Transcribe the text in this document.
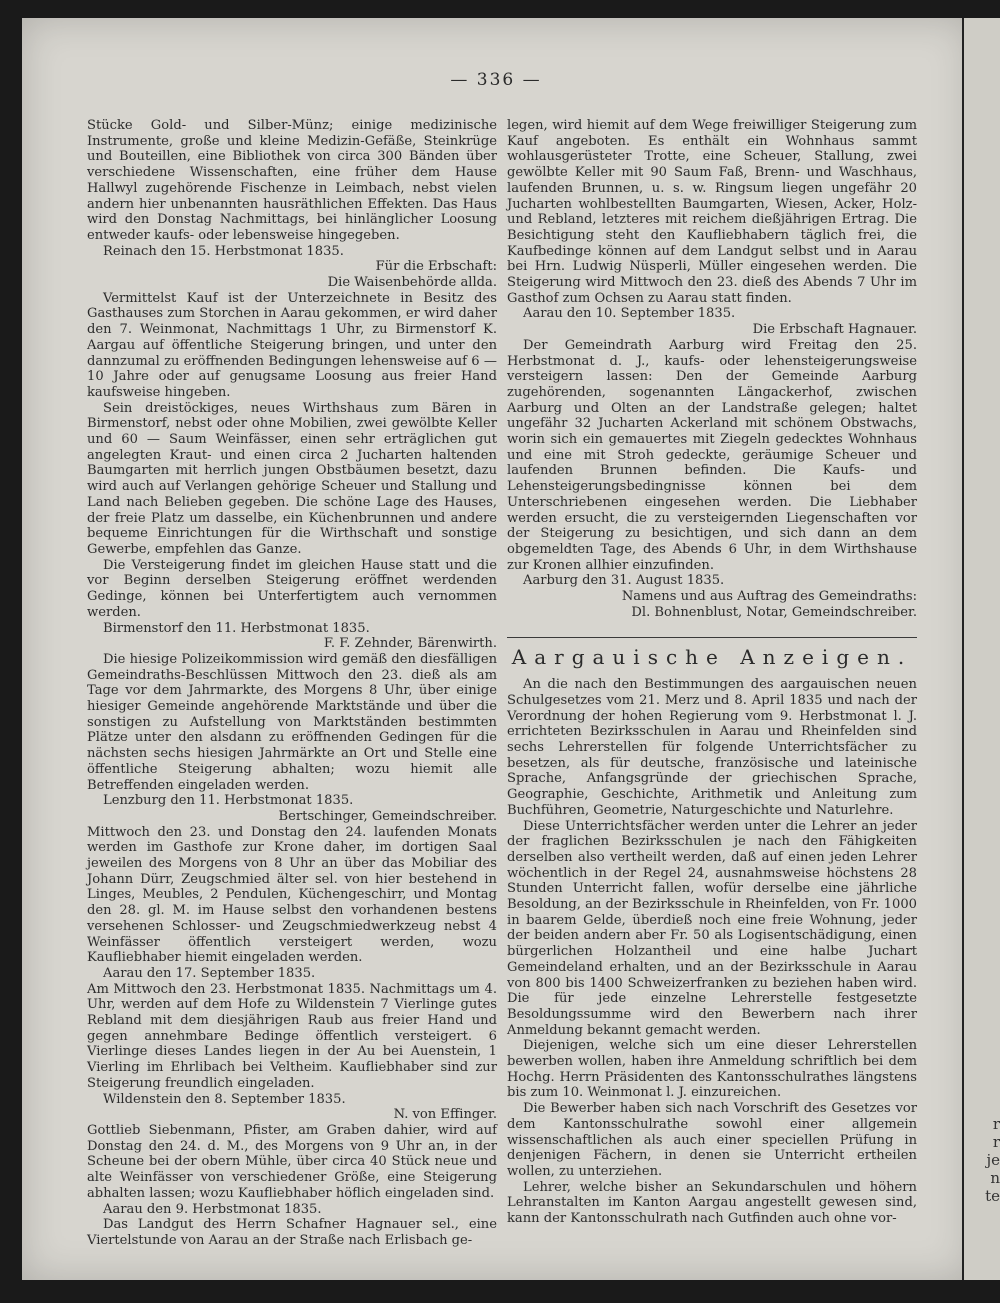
— 336 —

Stücke Gold- und Silber-Münz; einige medizinische Instrumente, große und kleine Medizin-Gefäße, Steinkrüge und Bouteillen, eine Bibliothek von circa 300 Bänden über verschiedene Wissenschaften, eine früher dem Hause Hallwyl zugehörende Fischenze in Leimbach, nebst vielen andern hier unbenannten hausräthlichen Effekten. Das Haus wird den Donstag Nachmittags, bei hinlänglicher Loosung entweder kaufs- oder lebensweise hingegeben.

Reinach den 15. Herbstmonat 1835.

Für die Erbschaft:

Die Waisenbehörde allda.

Vermittelst Kauf ist der Unterzeichnete in Besitz des Gasthauses zum Storchen in Aarau gekommen, er wird daher den 7. Weinmonat, Nachmittags 1 Uhr, zu Birmenstorf K. Aargau auf öffentliche Steigerung bringen, und unter den dannzumal zu eröffnenden Bedingungen lehensweise auf 6 — 10 Jahre oder auf genugsame Loosung aus freier Hand kaufsweise hingeben.

Sein dreistöckiges, neues Wirthshaus zum Bären in Birmenstorf, nebst oder ohne Mobilien, zwei gewölbte Keller und 60 — Saum Weinfässer, einen sehr erträglichen gut angelegten Kraut- und einen circa 2 Jucharten haltenden Baumgarten mit herrlich jungen Obstbäumen besetzt, dazu wird auch auf Verlangen gehörige Scheuer und Stallung und Land nach Belieben gegeben. Die schöne Lage des Hauses, der freie Platz um dasselbe, ein Küchenbrunnen und andere bequeme Einrichtungen für die Wirthschaft und sonstige Gewerbe, empfehlen das Ganze.

Die Versteigerung findet im gleichen Hause statt und die vor Beginn derselben Steigerung eröffnet werdenden Gedinge, können bei Unterfertigtem auch vernommen werden.

Birmenstorf den 11. Herbstmonat 1835.

F. F. Zehnder, Bärenwirth.

Die hiesige Polizeikommission wird gemäß den diesfälligen Gemeindraths-Beschlüssen Mittwoch den 23. dieß als am Tage vor dem Jahrmarkte, des Morgens 8 Uhr, über einige hiesiger Gemeinde angehörende Marktstände und über die sonstigen zu Aufstellung von Marktständen bestimmten Plätze unter den alsdann zu eröffnenden Gedingen für die nächsten sechs hiesigen Jahrmärkte an Ort und Stelle eine öffentliche Steigerung abhalten; wozu hiemit alle Betreffenden eingeladen werden.

Lenzburg den 11. Herbstmonat 1835.

Bertschinger, Gemeindschreiber.

Mittwoch den 23. und Donstag den 24. laufenden Monats werden im Gasthofe zur Krone daher, im dortigen Saal jeweilen des Morgens von 8 Uhr an über das Mobiliar des Johann Dürr, Zeugschmied älter sel. von hier bestehend in Linges, Meubles, 2 Pendulen, Küchengeschirr, und Montag den 28. gl. M. im Hause selbst den vorhandenen bestens versehenen Schlosser- und Zeugschmiedwerkzeug nebst 4 Weinfässer öffentlich versteigert werden, wozu Kaufliebhaber hiemit eingeladen werden.

Aarau den 17. September 1835.

Am Mittwoch den 23. Herbstmonat 1835. Nachmittags um 4. Uhr, werden auf dem Hofe zu Wildenstein 7 Vierlinge gutes Rebland mit dem diesjährigen Raub aus freier Hand und gegen annehmbare Bedinge öffentlich versteigert. 6 Vierlinge dieses Landes liegen in der Au bei Auenstein, 1 Vierling im Ehrlibach bei Veltheim. Kaufliebhaber sind zur Steigerung freundlich eingeladen.

Wildenstein den 8. September 1835.

N. von Effinger.

Gottlieb Siebenmann, Pfister, am Graben dahier, wird auf Donstag den 24. d. M., des Morgens von 9 Uhr an, in der Scheune bei der obern Mühle, über circa 40 Stück neue und alte Weinfässer von verschiedener Größe, eine Steigerung abhalten lassen; wozu Kaufliebhaber höflich eingeladen sind.

Aarau den 9. Herbstmonat 1835.

Das Landgut des Herrn Schafner Hagnauer sel., eine Viertelstunde von Aarau an der Straße nach Erlisbach ge-

legen, wird hiemit auf dem Wege freiwilliger Steigerung zum Kauf angeboten. Es enthält ein Wohnhaus sammt wohlausgerüsteter Trotte, eine Scheuer, Stallung, zwei gewölbte Keller mit 90 Saum Faß, Brenn- und Waschhaus, laufenden Brunnen, u. s. w. Ringsum liegen ungefähr 20 Jucharten wohlbestellten Baumgarten, Wiesen, Acker, Holz- und Rebland, letzteres mit reichem dießjährigen Ertrag. Die Besichtigung steht den Kaufliebhabern täglich frei, die Kaufbedinge können auf dem Landgut selbst und in Aarau bei Hrn. Ludwig Nüsperli, Müller eingesehen werden. Die Steigerung wird Mittwoch den 23. dieß des Abends 7 Uhr im Gasthof zum Ochsen zu Aarau statt finden.

Aarau den 10. September 1835.

Die Erbschaft Hagnauer.

Der Gemeindrath Aarburg wird Freitag den 25. Herbstmonat d. J., kaufs- oder lehensteigerungsweise versteigern lassen: Den der Gemeinde Aarburg zugehörenden, sogenannten Längackerhof, zwischen Aarburg und Olten an der Landstraße gelegen; haltet ungefähr 32 Jucharten Ackerland mit schönem Obstwachs, worin sich ein gemauertes mit Ziegeln gedecktes Wohnhaus und eine mit Stroh gedeckte, geräumige Scheuer und laufenden Brunnen befinden. Die Kaufs- und Lehensteigerungsbedingnisse können bei dem Unterschriebenen eingesehen werden. Die Liebhaber werden ersucht, die zu versteigernden Liegenschaften vor der Steigerung zu besichtigen, und sich dann an dem obgemeldten Tage, des Abends 6 Uhr, in dem Wirthshause zur Kronen allhier einzufinden.

Aarburg den 31. August 1835.

Namens und aus Auftrag des Gemeindraths:

Dl. Bohnenblust, Notar, Gemeindschreiber.

Aargauische Anzeigen.

An die nach den Bestimmungen des aargauischen neuen Schulgesetzes vom 21. Merz und 8. April 1835 und nach der Verordnung der hohen Regierung vom 9. Herbstmonat l. J. errichteten Bezirksschulen in Aarau und Rheinfelden sind sechs Lehrerstellen für folgende Unterrichtsfächer zu besetzen, als für deutsche, französische und lateinische Sprache, Anfangsgründe der griechischen Sprache, Geographie, Geschichte, Arithmetik und Anleitung zum Buchführen, Geometrie, Naturgeschichte und Naturlehre.

Diese Unterrichtsfächer werden unter die Lehrer an jeder der fraglichen Bezirksschulen je nach den Fähigkeiten derselben also vertheilt werden, daß auf einen jeden Lehrer wöchentlich in der Regel 24, ausnahmsweise höchstens 28 Stunden Unterricht fallen, wofür derselbe eine jährliche Besoldung, an der Bezirksschule in Rheinfelden, von Fr. 1000 in baarem Gelde, überdieß noch eine freie Wohnung, jeder der beiden andern aber Fr. 50 als Logisentschädigung, einen bürgerlichen Holzantheil und eine halbe Juchart Gemeindeland erhalten, und an der Bezirksschule in Aarau von 800 bis 1400 Schweizerfranken zu beziehen haben wird. Die für jede einzelne Lehrerstelle festgesetzte Besoldungssumme wird den Bewerbern nach ihrer Anmeldung bekannt gemacht werden.

Diejenigen, welche sich um eine dieser Lehrerstellen bewerben wollen, haben ihre Anmeldung schriftlich bei dem Hochg. Herrn Präsidenten des Kantonsschulrathes längstens bis zum 10. Weinmonat l. J. einzureichen.

Die Bewerber haben sich nach Vorschrift des Gesetzes vor dem Kantonsschulrathe sowohl einer allgemein wissenschaftlichen als auch einer speciellen Prüfung in denjenigen Fächern, in denen sie Unterricht ertheilen wollen, zu unterziehen.

Lehrer, welche bisher an Sekundarschulen und höhern Lehranstalten im Kanton Aargau angestellt gewesen sind, kann der Kantonsschulrath nach Gutfinden auch ohne vor-

r
r
je
n
te
